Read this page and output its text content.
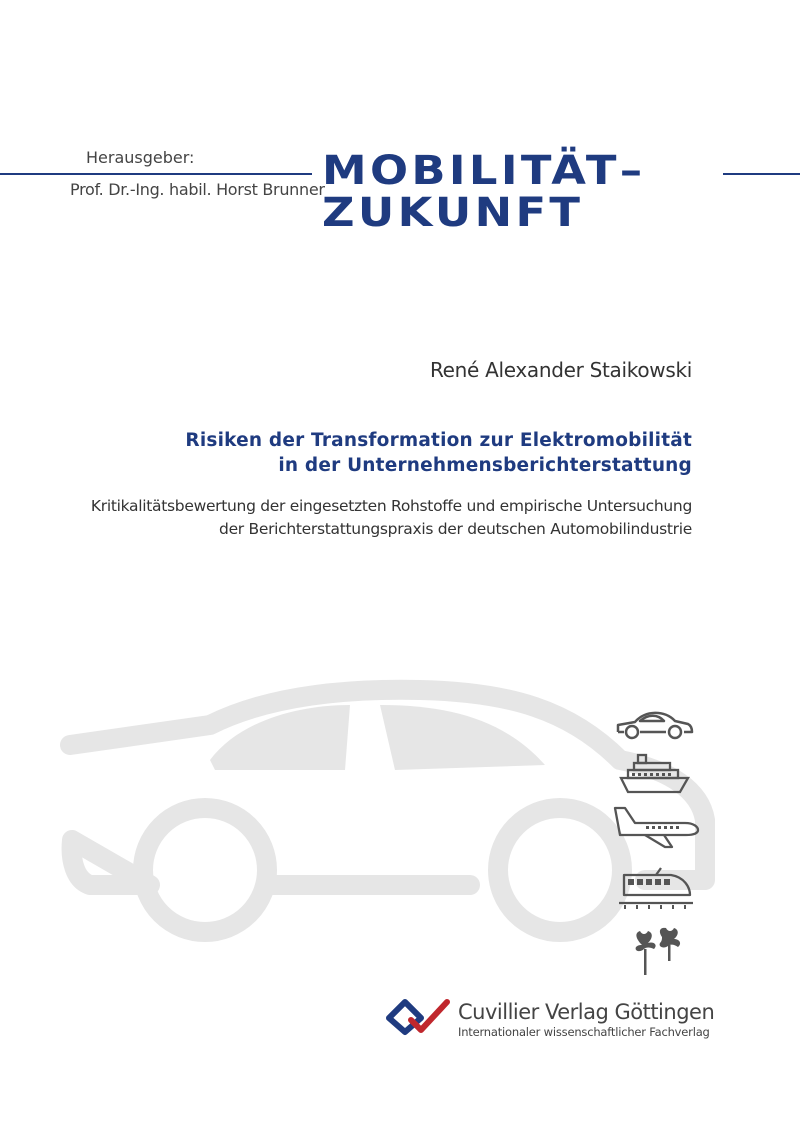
Herausgeber:
Prof. Dr.-Ing. habil. Horst Brunner
MOBILITÄT–
ZUKUNFT
René Alexander Staikowski
Risiken der Transformation zur Elektromobilität
in der Unternehmensberichterstattung
Kritikalitätsbewertung der eingesetzten Rohstoffe und empirische Untersuchung
der Berichterstattungspraxis der deutschen Automobilindustrie
Cuvillier Verlag Göttingen
Internationaler wissenschaftlicher Fachverlag
